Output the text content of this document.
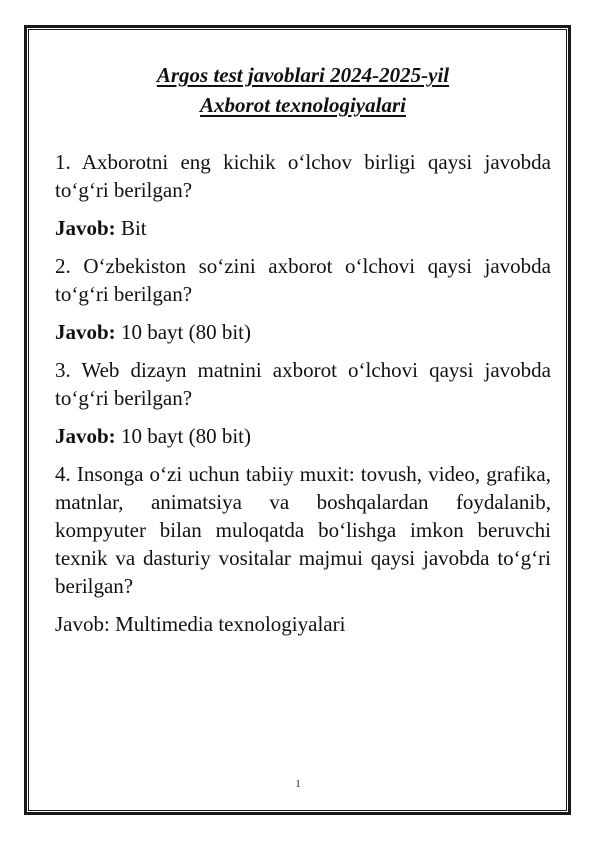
Argos test javoblari 2024-2025-yil
Axborot texnologiyalari

1. Axborotni eng kichik o‘lchov birligi qaysi javobda to‘g‘ri berilgan?

Javob: Bit

2. O‘zbekiston so‘zini axborot o‘lchovi qaysi javobda to‘g‘ri berilgan?

Javob: 10 bayt (80 bit)

3. Web dizayn matnini axborot o‘lchovi qaysi javobda to‘g‘ri berilgan?

Javob: 10 bayt (80 bit)

4. Insonga o‘zi uchun tabiiy muxit: tovush, video, grafika, matnlar, animatsiya va boshqalardan foydalanib, kompyuter bilan muloqatda bo‘lishga imkon beruvchi texnik va dasturiy vositalar majmui qaysi javobda to‘g‘ri berilgan?

Javob: Multimedia texnologiyalari

1
